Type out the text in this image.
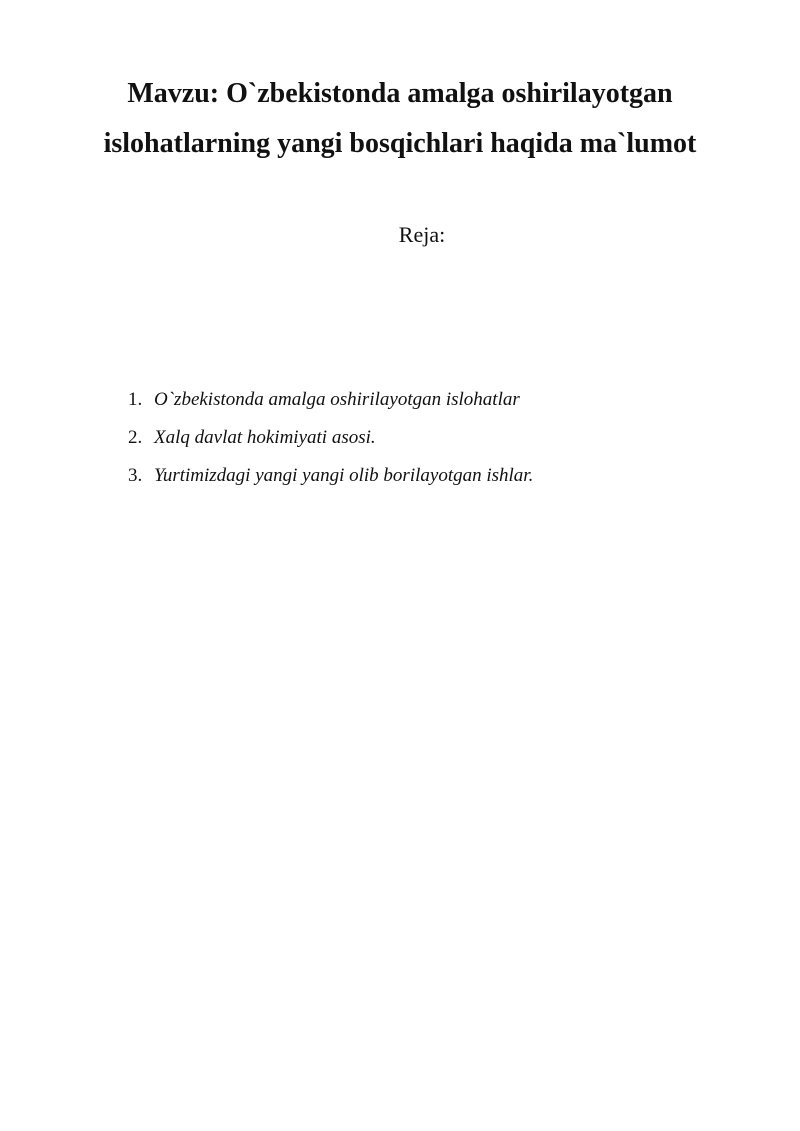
Mavzu: O`zbekistonda amalga oshirilayotgan
islohatlarning yangi bosqichlari haqida ma`lumot
Reja:
1. O`zbekistonda amalga oshirilayotgan islohatlar
2. Xalq davlat hokimiyati asosi.
3. Yurtimizdagi yangi yangi olib borilayotgan ishlar.
